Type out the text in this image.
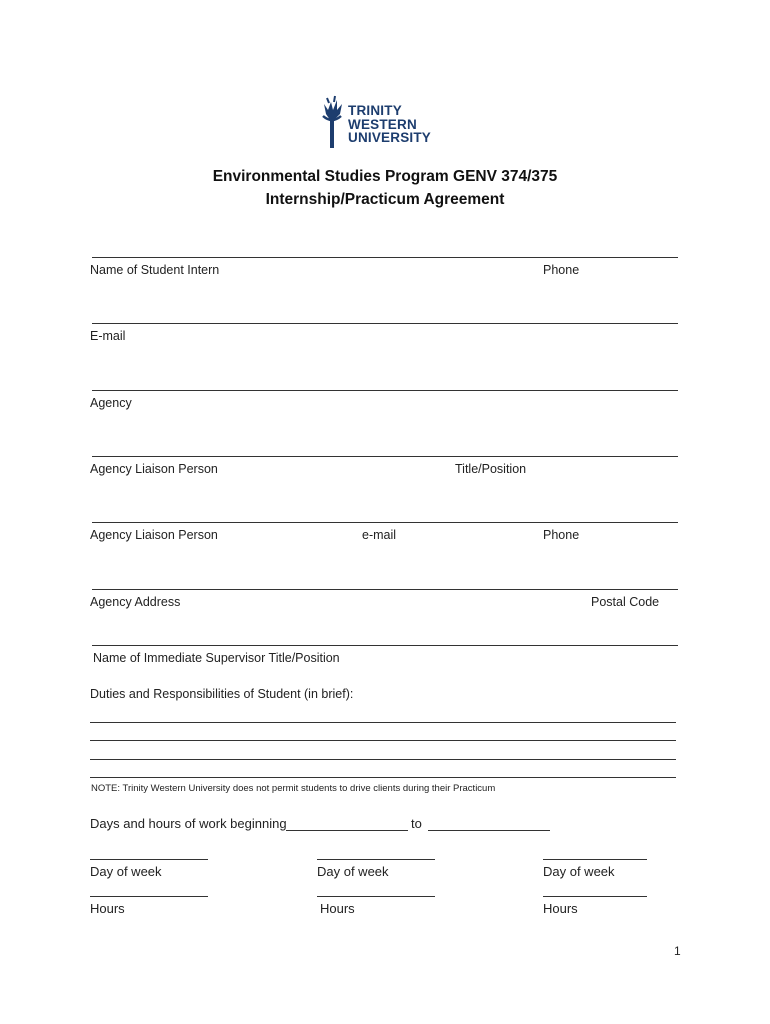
TRINITY
WESTERN
UNIVERSITY
Environmental Studies Program GENV 374/375
Internship/Practicum Agreement
Name of Student Intern	Phone
E-mail
Agency
Agency Liaison Person	Title/Position
Agency Liaison Person	e-mail	Phone
Agency Address	Postal Code
Name of Immediate Supervisor Title/Position
Duties and Responsibilities of Student (in brief):
NOTE: Trinity Western University does not permit students to drive clients during their Practicum
Days and hours of work beginning	to
Day of week	Day of week	Day of week
Hours	Hours	Hours
1
